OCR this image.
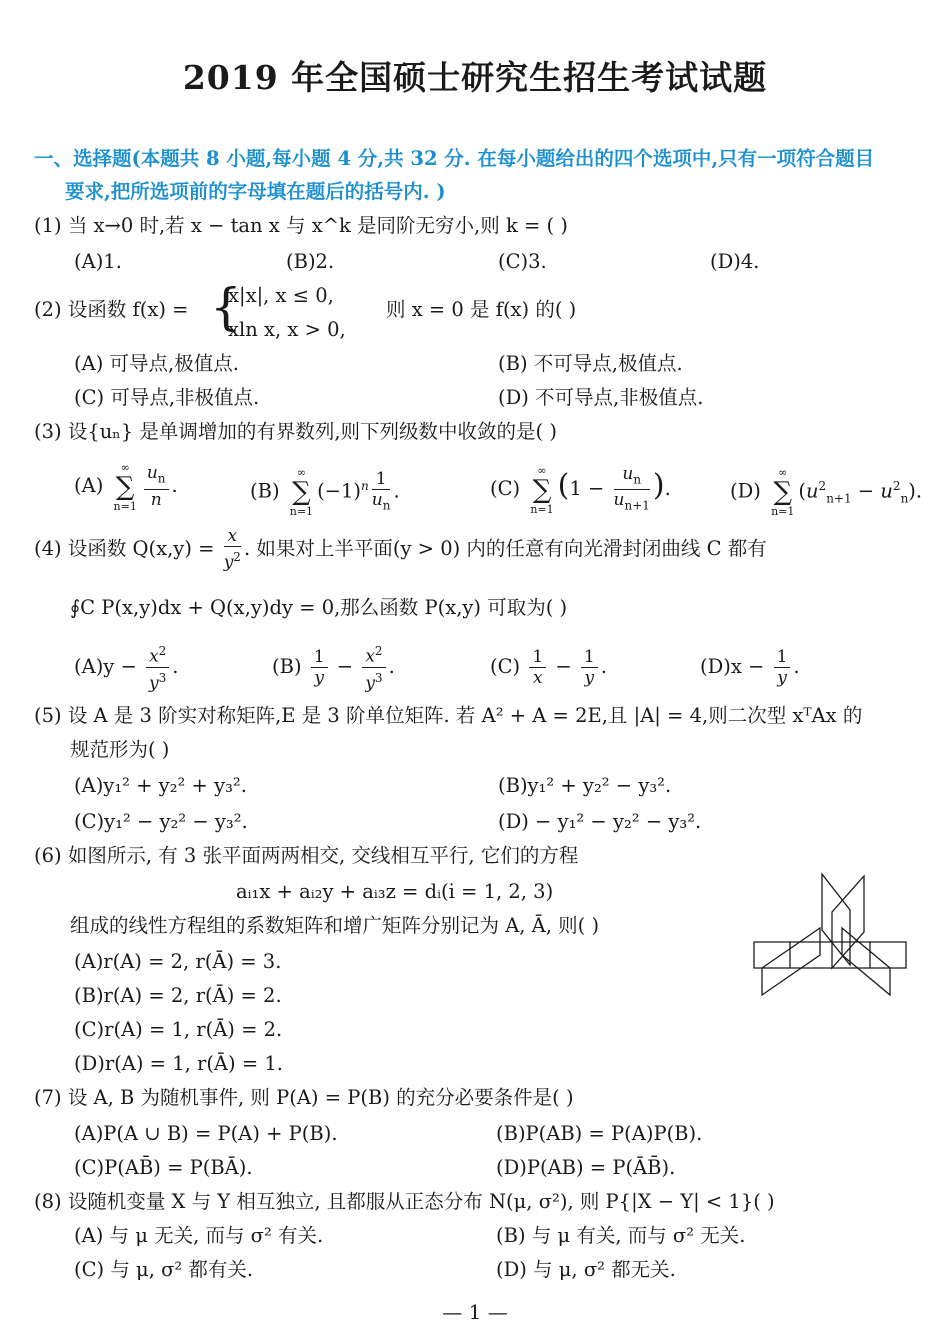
2019 年全国硕士研究生招生考试试题
一、选择题(本题共 8 小题,每小题 4 分,共 32 分. 在每小题给出的四个选项中,只有一项符合题目
要求,把所选项前的字母填在题后的括号内. )
(1) 当 x→0 时,若 x − tan x 与 x^k 是同阶无穷小,则 k = ( )
(A)1.	(B)2.	(C)3.	(D)4.
(2) 设函数 f(x) = {
x|x|, x ≤ 0,
xln x, x > 0,
则 x = 0 是 f(x) 的( )
(A) 可导点,极值点.	(B) 不可导点,极值点.
(C) 可导点,非极值点.	(D) 不可导点,非极值点.
(3) 设{uₙ} 是单调增加的有界数列,则下列级数中收敛的是( )
(A)
∞
∑
$n=1 \frac{u_n}{n}$ .	(B)
∞
∑
n=1
$(-1)^n \frac{1}{u_n}$ .	(C)
∞
∑
n=1
($1 - \frac{u_n}{u_{n+1}}$ ).	(D)
∞
∑
n=1
$(u^2_{n+1} - u^2_n)$.
(4) 设函数 $Q(x,y) = \frac{x}{y^2}$ . 如果对上半平面(y > 0) 内的任意有向光滑封闭曲线 C 都有
∮C P(x,y)dx + Q(x,y)dy = 0,那么函数 P(x,y) 可取为( )
$(A)y - \frac{x^2}{y^3}$ .	$(B) \frac{1}{y} - \frac{x^2}{y^3}$ .	$(C) \frac{1}{x} - \frac{1}{y}$ .	$(D)x - \frac{1}{y}$ .
(5) 设 A 是 3 阶实对称矩阵,E 是 3 阶单位矩阵. 若 A² + A = 2E,且 |A| = 4,则二次型 xᵀAx 的
规范形为( )
(A)y₁² + y₂² + y₃².	(B)y₁² + y₂² − y₃².
(C)y₁² − y₂² − y₃².	(D) − y₁² − y₂² − y₃².
(6) 如图所示, 有 3 张平面两两相交, 交线相互平行, 它们的方程
aᵢ₁x + aᵢ₂y + aᵢ₃z = dᵢ(i = 1, 2, 3)
组成的线性方程组的系数矩阵和增广矩阵分别记为 A, Ā, 则( )
(A)r(A) = 2, r(Ā) = 3.
(B)r(A) = 2, r(Ā) = 2.
(C)r(A) = 1, r(Ā) = 2.
(D)r(A) = 1, r(Ā) = 1.
(7) 设 A, B 为随机事件, 则 P(A) = P(B) 的充分必要条件是( )
(A)P(A ∪ B) = P(A) + P(B).	(B)P(AB) = P(A)P(B).
(C)P(AB̄) = P(BĀ).	(D)P(AB) = P(ĀB̄).
(8) 设随机变量 X 与 Y 相互独立, 且都服从正态分布 N(μ, σ²), 则 P{|X − Y| < 1}( )
(A) 与 μ 无关, 而与 σ² 有关.	(B) 与 μ 有关, 而与 σ² 无关.
(C) 与 μ, σ² 都有关.	(D) 与 μ, σ² 都无关.
— 1 —
